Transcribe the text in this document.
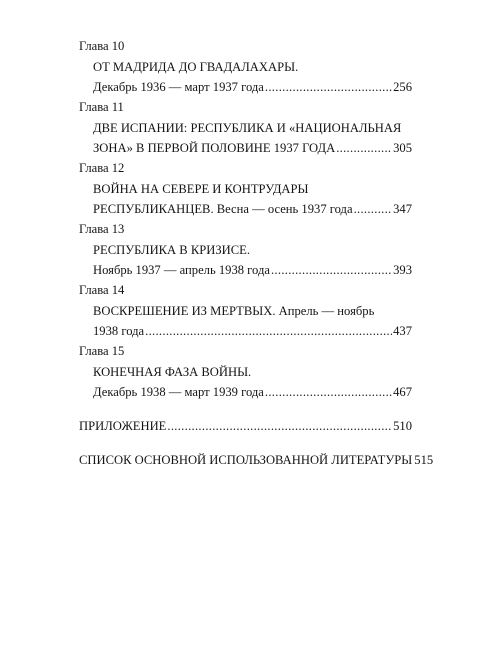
Глава 10
ОТ МАДРИДА ДО ГВАДАЛАХАРЫ.
Декабрь 1936 — март 1937 года .....	256
Глава 11
ДВЕ ИСПАНИИ: РЕСПУБЛИКА И «НАЦИОНАЛЬНАЯ
ЗОНА» В ПЕРВОЙ ПОЛОВИНЕ 1937 ГОДА .....	305
Глава 12
ВОЙНА НА СЕВЕРЕ И КОНТРУДАРЫ
РЕСПУБЛИКАНЦЕВ. Весна — осень 1937 года .....	347
Глава 13
РЕСПУБЛИКА В КРИЗИСЕ.
Ноябрь 1937 — апрель 1938 года .....	393
Глава 14
ВОСКРЕШЕНИЕ ИЗ МЕРТВЫХ. Апрель — ноябрь
1938 года .....	437
Глава 15
КОНЕЧНАЯ ФАЗА ВОЙНЫ.
Декабрь 1938 — март 1939 года .....	467
ПРИЛОЖЕНИЕ .....	510
СПИСОК ОСНОВНОЙ ИСПОЛЬЗОВАННОЙ ЛИТЕРАТУРЫ 515
